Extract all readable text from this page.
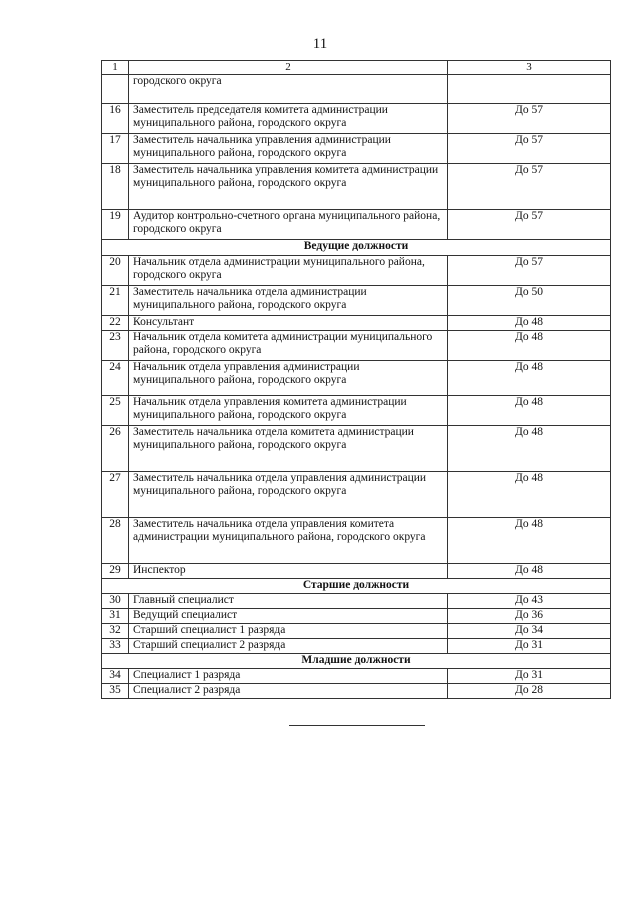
11
1	2	3
	городского округа	
16	Заместитель председателя комитета администрации муниципального района, городского округа	До 57
17	Заместитель начальника управления администрации муниципального района, городского округа	До 57
18	Заместитель начальника управления комитета администрации муниципального района, городского округа	До 57
19	Аудитор контрольно-счетного органа муниципального района, городского округа	До 57
Ведущие должности		
20	Начальник отдела администрации муниципального района, городского округа	До 57
21	Заместитель начальника отдела администрации муниципального района, городского округа	До 50
22	Консультант	До 48
23	Начальник отдела комитета администрации муниципального района, городского округа	До 48
24	Начальник отдела управления администрации муниципального района, городского округа	До 48
25	Начальник отдела управления комитета администрации муниципального района, городского округа	До 48
26	Заместитель начальника отдела комитета администрации муниципального района, городского округа	До 48
27	Заместитель начальника отдела управления администрации муниципального района, городского округа	До 48
28	Заместитель начальника отдела управления комитета администрации муниципального района, городского округа	До 48
29	Инспектор	До 48
Старшие должности		
30	Главный специалист	До 43
31	Ведущий специалист	До 36
32	Старший специалист 1 разряда	До 34
33	Старший специалист 2 разряда	До 31
Младшие должности		
34	Специалист 1 разряда	До 31
35	Специалист 2 разряда	До 28
